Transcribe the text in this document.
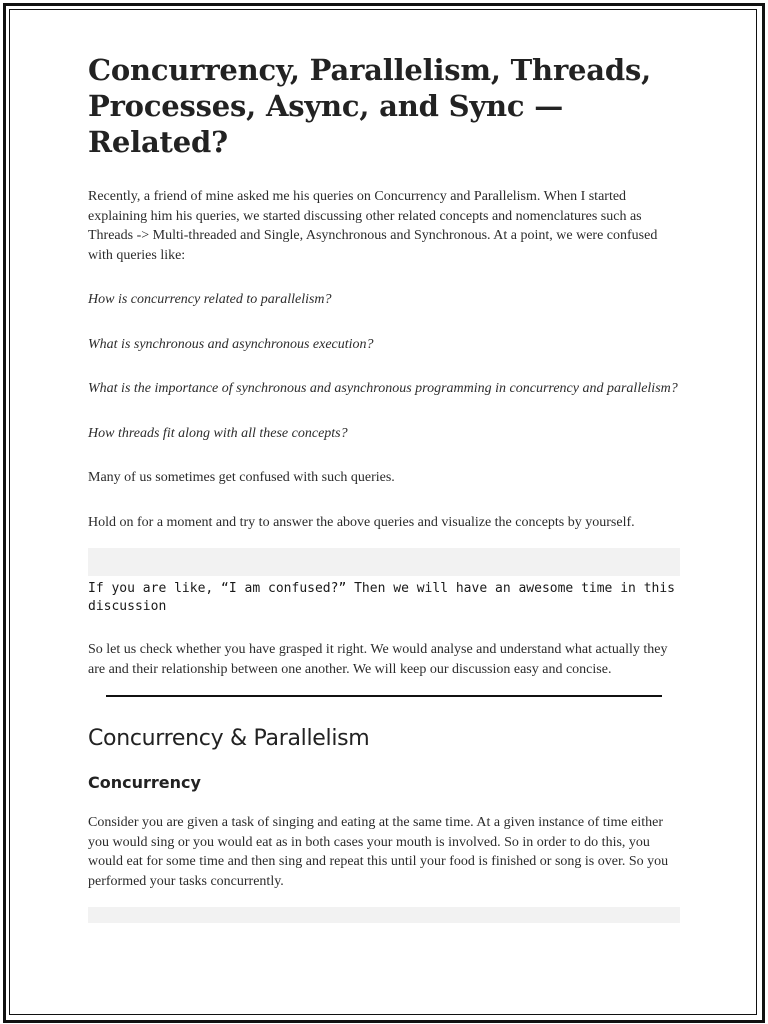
Concurrency, Parallelism, Threads, Processes, Async, and Sync — Related?

Recently, a friend of mine asked me his queries on Concurrency and Parallelism. When I started explaining him his queries, we started discussing other related concepts and nomenclatures such as Threads -> Multi-threaded and Single, Asynchronous and Synchronous. At a point, we were confused with queries like:

How is concurrency related to parallelism?

What is synchronous and asynchronous execution?

What is the importance of synchronous and asynchronous programming in concurrency and parallelism?

How threads fit along with all these concepts?

Many of us sometimes get confused with such queries.

Hold on for a moment and try to answer the above queries and visualize the concepts by yourself.

If you are like, “I am confused?” Then we will have an awesome time in this discussion

So let us check whether you have grasped it right. We would analyse and understand what actually they are and their relationship between one another. We will keep our discussion easy and concise.

Concurrency & Parallelism
Concurrency

Consider you are given a task of singing and eating at the same time. At a given instance of time either you would sing or you would eat as in both cases your mouth is involved. So in order to do this, you would eat for some time and then sing and repeat this until your food is finished or song is over. So you performed your tasks concurrently.
